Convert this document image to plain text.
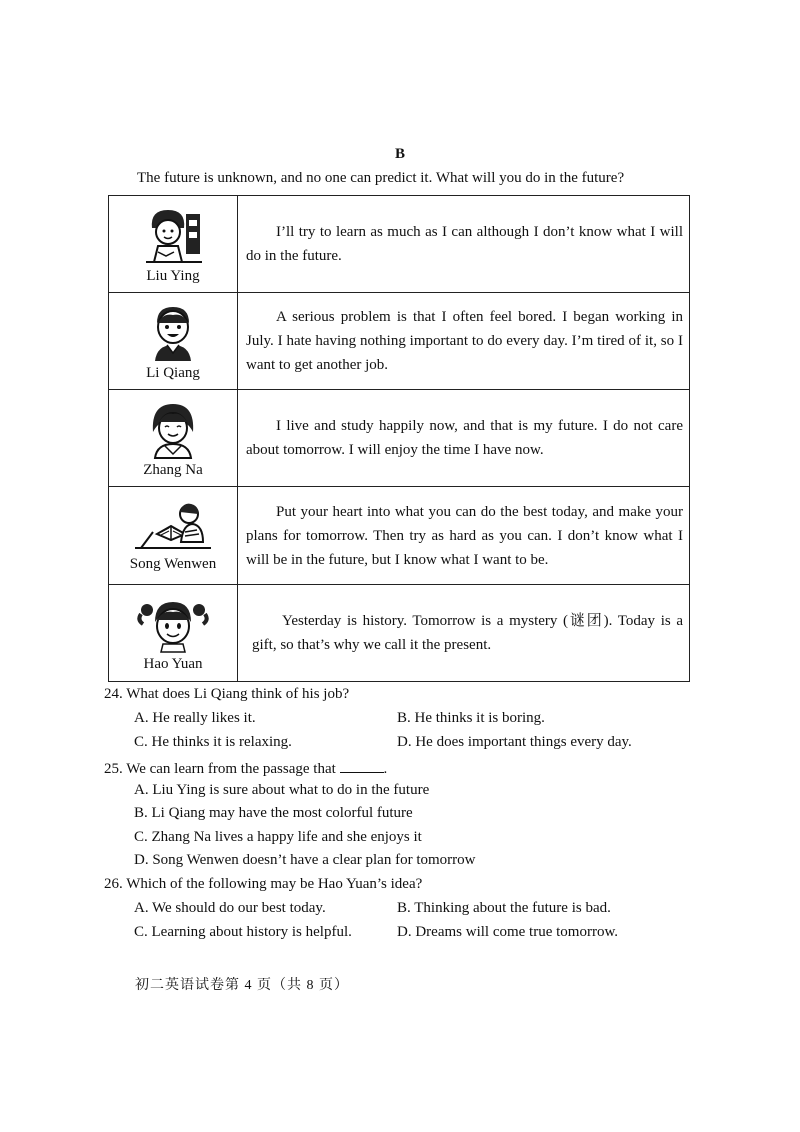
B
The future is unknown, and no one can predict it. What will you do in the future?
Liu Ying	I’ll try to learn as much as I can although I don’t know what I will do in the future.

Li Qiang	A serious problem is that I often feel bored. I began working in July. I hate having nothing important to do every day. I’m tired of it, so I want to get another job.

Zhang Na	I live and study happily now, and that is my future. I do not care about tomorrow. I will enjoy the time I have now.

Song Wenwen	Put your heart into what you can do the best today, and make your plans for tomorrow. Then try as hard as you can. I don’t know what I will be in the future, but I know what I want to be.

Hao Yuan	Yesterday is history. Tomorrow is a mystery (谜团). Today is a gift, so that’s why we call it the present.
24. What does Li Qiang think of his job?
A. He really likes it.	B. He thinks it is boring.
C. He thinks it is relaxing.	D. He does important things every day.
25. We can learn from the passage that	.
A. Liu Ying is sure about what to do in the future
B. Li Qiang may have the most colorful future
C. Zhang Na lives a happy life and she enjoys it
D. Song Wenwen doesn’t have a clear plan for tomorrow
26. Which of the following may be Hao Yuan’s idea?
A. We should do our best today.	B. Thinking about the future is bad.
C. Learning about history is helpful.	D. Dreams will come true tomorrow.
初二英语试卷第 4 页（共 8 页）
